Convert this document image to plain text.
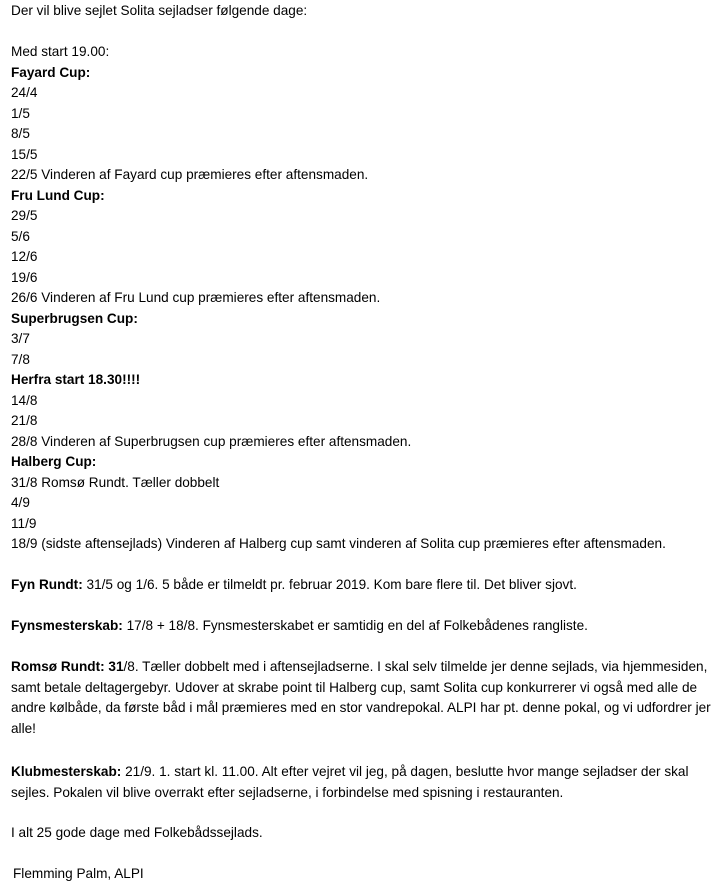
Der vil blive sejlet Solita sejladser følgende dage:
Med start 19.00:
Fayard Cup:
24/4
1/5
8/5
15/5
22/5 Vinderen af Fayard cup præmieres efter aftensmaden.
Fru Lund Cup:
29/5
5/6
12/6
19/6
26/6 Vinderen af Fru Lund cup præmieres efter aftensmaden.
Superbrugsen Cup:
3/7
7/8
Herfra start 18.30!!!!
14/8
21/8
28/8 Vinderen af Superbrugsen cup præmieres efter aftensmaden.
Halberg Cup:
31/8 Romsø Rundt. Tæller dobbelt
4/9
11/9
18/9 (sidste aftensejlads) Vinderen af Halberg cup samt vinderen af Solita cup præmieres efter aftensmaden.
Fyn Rundt: 31/5 og 1/6. 5 både er tilmeldt pr. februar 2019. Kom bare flere til. Det bliver sjovt.
Fynsmesterskab: 17/8 + 18/8. Fynsmesterskabet er samtidig en del af Folkebådenes rangliste.
Romsø Rundt: 31/8. Tæller dobbelt med i aftensejladserne. I skal selv tilmelde jer denne sejlads, via hjemmesiden, samt betale deltagergebyr. Udover at skrabe point til Halberg cup, samt Solita cup konkurrerer vi også med alle de andre kølbåde, da første båd i mål præmieres med en stor vandrepokal. ALPI har pt. denne pokal, og vi udfordrer jer alle!
Klubmesterskab: 21/9. 1. start kl. 11.00. Alt efter vejret vil jeg, på dagen, beslutte hvor mange sejladser der skal sejles. Pokalen vil blive overrakt efter sejladserne, i forbindelse med spisning i restauranten.
I alt 25 gode dage med Folkebådssejlads.
Flemming Palm, ALPI
